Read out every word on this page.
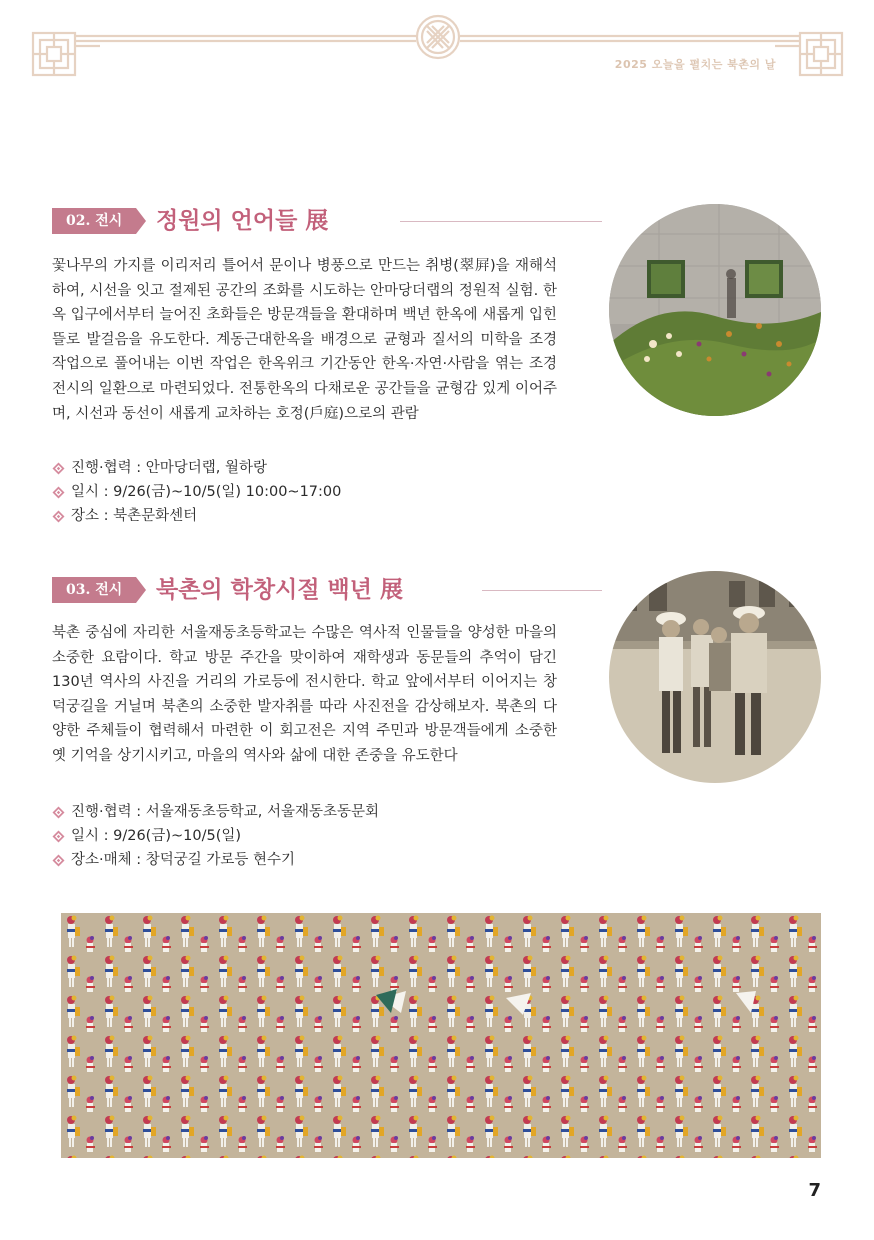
2025 오늘을 펼치는 북촌의 날
02. 전시	정원의 언어들 展
꽃나무의 가지를 이리저리 틀어서 문이나 병풍으로 만드는 취병(翠屛)을 재해석하여, 시선을 잇고 절제된 공간의 조화를 시도하는 안마당더랩의 정원적 실험. 한옥 입구에서부터 늘어진 초화들은 방문객들을 환대하며 백년 한옥에 새롭게 입힌 뜰로 발걸음을 유도한다. 계동근대한옥을 배경으로 균형과 질서의 미학을 조경 작업으로 풀어내는 이번 작업은 한옥위크 기간동안 한옥·자연·사람을 엮는 조경 전시의 일환으로 마련되었다. 전통한옥의 다채로운 공간들을 균형감 있게 이어주며, 시선과 동선이 새롭게 교차하는 호정(戶庭)으로의 관람
진행·협력 : 안마당더랩, 월하랑
일시 : 9/26(금)~10/5(일) 10:00~17:00
장소 : 북촌문화센터
03. 전시	북촌의 학창시절 백년 展
북촌 중심에 자리한 서울재동초등학교는 수많은 역사적 인물들을 양성한 마을의 소중한 요람이다. 학교 방문 주간을 맞이하여 재학생과 동문들의 추억이 담긴 130년 역사의 사진을 거리의 가로등에 전시한다. 학교 앞에서부터 이어지는 창덕궁길을 거닐며 북촌의 소중한 발자취를 따라 사진전을 감상해보자. 북촌의 다양한 주체들이 협력해서 마련한 이 회고전은 지역 주민과 방문객들에게 소중한 옛 기억을 상기시키고, 마을의 역사와 삶에 대한 존중을 유도한다
진행·협력 : 서울재동초등학교, 서울재동초동문회
일시 : 9/26(금)~10/5(일)
장소·매체 : 창덕궁길 가로등 현수기
7
